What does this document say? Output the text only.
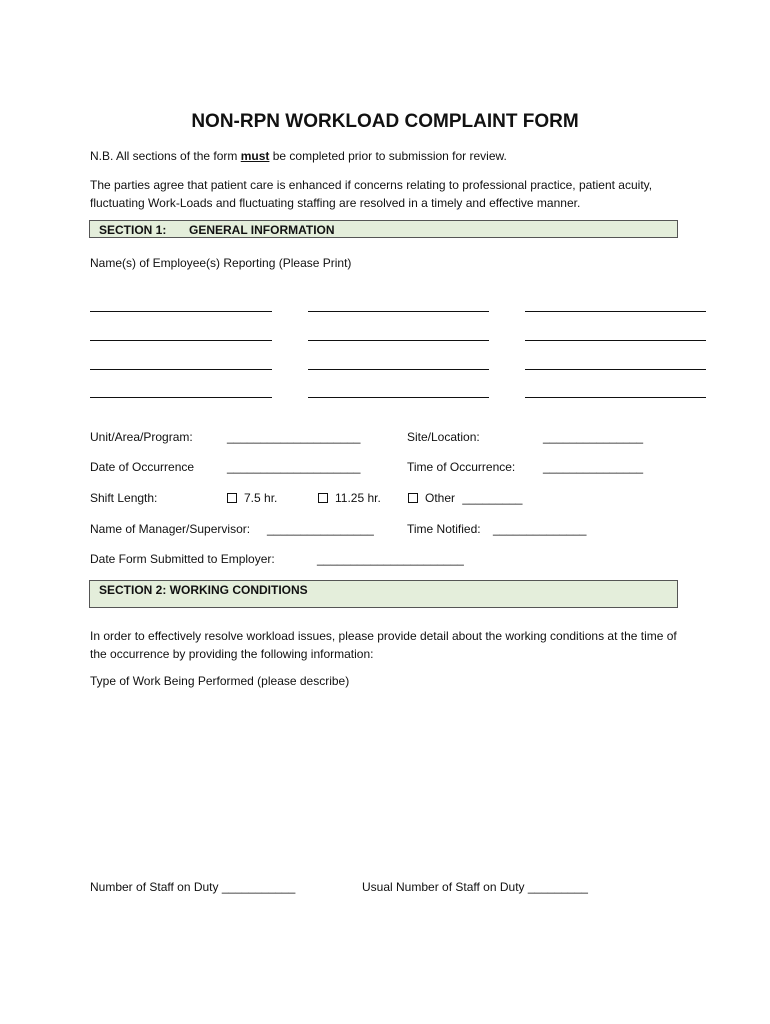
NON-RPN WORKLOAD COMPLAINT FORM
N.B. All sections of the form must be completed prior to submission for review.
The parties agree that patient care is enhanced if concerns relating to professional practice, patient acuity, fluctuating Work-Loads and fluctuating staffing are resolved in a timely and effective manner.
SECTION 1: GENERAL INFORMATION
Name(s) of Employee(s) Reporting (Please Print)
Unit/Area/Program:	____________________	Site/Location:	_______________
Date of Occurrence	____________________	Time of Occurrence: _______________
Shift Length:	7.5 hr.	11.25 hr.	Other _________
Name of Manager/Supervisor: ________________	Time Notified: ______________
Date Form Submitted to Employer:	______________________
SECTION 2: WORKING CONDITIONS
In order to effectively resolve workload issues, please provide detail about the working conditions at the time of the occurrence by providing the following information:
Type of Work Being Performed (please describe)
Number of Staff on Duty ___________	Usual Number of Staff on Duty _________
